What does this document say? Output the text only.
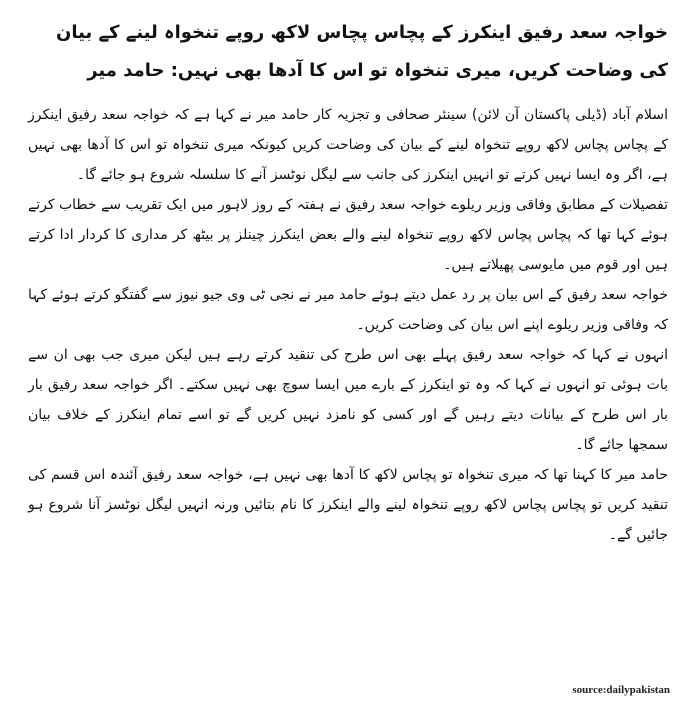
خواجہ سعد رفیق اینکرز کے پچاس پچاس لاکھ روپے تنخواہ لینے کے بیان کی وضاحت کریں، میری تنخواہ تو اس کا آدھا بھی نہیں: حامد میر

اسلام آباد (ڈیلی پاکستان آن لائن) سینئر صحافی و تجزیہ کار حامد میر نے کہا ہے کہ خواجہ سعد رفیق اینکرز کے پچاس پچاس لاکھ روپے تنخواہ لینے کے بیان کی وضاحت کریں کیونکہ میری تنخواہ تو اس کا آدھا بھی نہیں ہے، اگر وہ ایسا نہیں کرتے تو انہیں اینکرز کی جانب سے لیگل نوٹسز آنے کا سلسلہ شروع ہو جائے گا۔

تفصیلات کے مطابق وفاقی وزیر ریلوے خواجہ سعد رفیق نے ہفتہ کے روز لاہور میں ایک تقریب سے خطاب کرتے ہوئے کہا تھا کہ پچاس پچاس لاکھ روپے تنخواہ لینے والے بعض اینکرز چینلز پر بیٹھ کر مداری کا کردار ادا کرتے ہیں اور قوم میں مایوسی پھیلاتے ہیں۔

خواجہ سعد رفیق کے اس بیان پر رد عمل دیتے ہوئے حامد میر نے نجی ٹی وی جیو نیوز سے گفتگو کرتے ہوئے کہا کہ وفاقی وزیر ریلوے اپنے اس بیان کی وضاحت کریں۔

انہوں نے کہا کہ خواجہ سعد رفیق پہلے بھی اس طرح کی تنقید کرتے رہے ہیں لیکن میری جب بھی ان سے بات ہوئی تو انہوں نے کہا کہ وہ تو اینکرز کے بارے میں ایسا سوچ بھی نہیں سکتے۔ اگر خواجہ سعد رفیق بار بار اس طرح کے بیانات دیتے رہیں گے اور کسی کو نامزد نہیں کریں گے تو اسے تمام اینکرز کے خلاف بیان سمجھا جائے گا۔

حامد میر کا کہنا تھا کہ میری تنخواہ تو پچاس لاکھ کا آدھا بھی نہیں ہے، خواجہ سعد رفیق آئندہ اس قسم کی تنقید کریں تو پچاس پچاس لاکھ روپے تنخواہ لینے والے اینکرز کا نام بتائیں ورنہ انہیں لیگل نوٹسز آنا شروع ہو جائیں گے۔

source:dailypakistan
